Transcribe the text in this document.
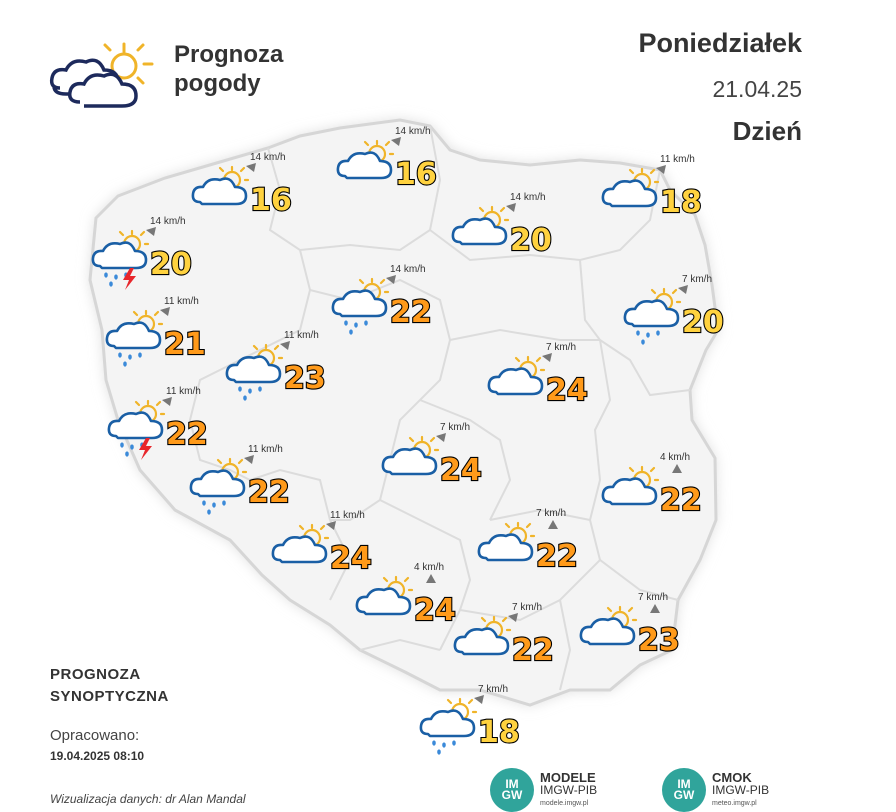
14 km/h
16
14 km/h
16	11 km/h
18
14 km/h
20
14 km/h
20
14 km/h
22
7 km/h
20
11 km/h
21	11 km/h
23
7 km/h
24
11 km/h
22	7 km/h
24
11 km/h
22
4 km/h
22
11 km/h
24
7 km/h
22
4 km/h
24	7 km/h
22
7 km/h
23
7 km/h
18
Prognoza
pogody
Poniedziałek
21.04.25
Dzień
PROGNOZA
SYNOPTYCZNA
Opracowano:
19.04.2025 08:10
Wizualizacja danych: dr Alan Mandal
IM
GW
MODELE
IMGW-PIB
modele.imgw.pl
IM
GW
CMOK
IMGW-PIB
meteo.imgw.pl
